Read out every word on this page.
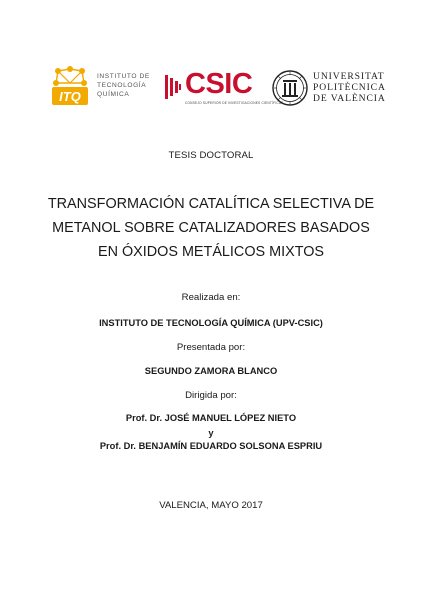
ITQ
INSTITUTO DE
TECNOLOGÍA
QUÍMICA	CSIC
CONSEJO SUPERIOR DE INVESTIGACIONES CIENTÍFICAS
UNIVERSITAT
POLITÈCNICA
DE VALÈNCIA
TESIS DOCTORAL
TRANSFORMACIÓN CATALÍTICA SELECTIVA DE
METANOL SOBRE CATALIZADORES BASADOS
EN ÓXIDOS METÁLICOS MIXTOS
Realizada en:
INSTITUTO DE TECNOLOGÍA QUÍMICA (UPV-CSIC)
Presentada por:
SEGUNDO ZAMORA BLANCO
Dirigida por:
Prof. Dr. JOSÉ MANUEL LÓPEZ NIETO
y
Prof. Dr. BENJAMÍN EDUARDO SOLSONA ESPRIU
VALENCIA, MAYO 2017
